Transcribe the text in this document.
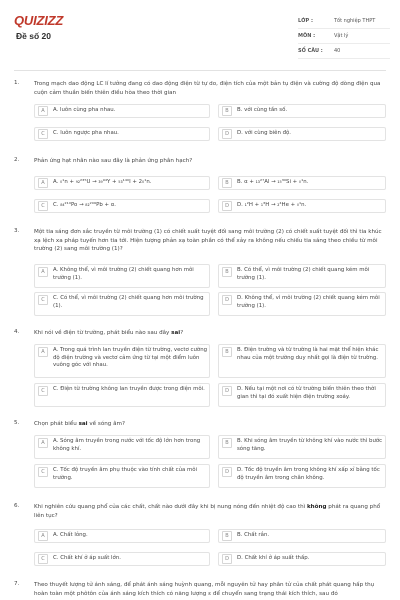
QUIZIZZ
Đề số 20
LỚP :	Tốt nghiệp THPT
MÔN :	Vật lý
SỐ CÂU :	40
1.	Trong mạch dao động LC lí tưởng đang có dao động điện từ tự do, điện tích của một bản tụ điện và cường độ dòng điện qua cuộn cảm thuần biến thiên điều hòa theo thời gian
A	A. luôn cùng pha nhau.	B	B. với cùng tần số.
C	C. luôn ngược pha nhau.	D	D. với cùng biên độ.
2.	Phản ứng hạt nhân nào sau đây là phản ứng phân hạch?
A	A. ₀¹n + ₉₂²³⁵U → ₃₉⁹⁴Y + ₅₃¹⁴⁰I + 2₀¹n.	B	B. α + ₁₃²⁷Al → ₁₅³⁰Si + ₀¹n.
C	C. ₈₄²¹⁰Po → ₈₂²⁰⁶Pb + α.	D	D. ₁²H + ₁³H → ₂⁴He + ₀¹n.
3.	Một tia sáng đơn sắc truyền từ môi trường (1) có chiết suất tuyệt đối sang môi trường (2) có chiết suất tuyệt đối thì tia khúc xạ lệch xa pháp tuyến hơn tia tới. Hiện tượng phản xạ toàn phần có thể xảy ra không nếu chiếu tia sáng theo chiều từ môi trường (2) sang môi trường (1)?
A	A. Không thể, vì môi trường (2) chiết quang hơn môi trường (1).
B	B. Có thể, vì môi trường (2) chiết quang kém môi trường (1).
C	C. Có thể, vì môi trường (2) chiết quang hơn môi trường (1).
D	D. Không thể, vì môi trường (2) chiết quang kém môi trường (1).
4.	Khi nói về điện từ trường, phát biểu nào sau đây sai?
A	A. Trong quá trình lan truyền điện từ trường, vectơ cường độ điện trường và vectơ cảm ứng từ tại một điểm luôn vuông góc với nhau.
B	B. Điện trường và từ trường là hai mặt thể hiện khác nhau của một trường duy nhất gọi là điện từ trường.
C	C. Điện từ trường không lan truyền được trong điện môi.	D	D. Nếu tại một nơi có từ trường biến thiên theo thời gian thì tại đó xuất hiện điện trường xoáy.
5.	Chọn phát biểu sai về sóng âm?
A	A. Sóng âm truyền trong nước với tốc độ lớn hơn trong không khí.
B	B. Khi sóng âm truyền từ không khí vào nước thì bước sóng tăng.
C	C. Tốc độ truyền âm phụ thuộc vào tính chất của môi trường.
D	D. Tốc độ truyền âm trong không khí xấp xỉ bằng tốc độ truyền âm trong chân không.
6.	Khi nghiên cứu quang phổ của các chất, chất nào dưới đây khi bị nung nóng đến nhiệt độ cao thì không phát ra quang phổ liên tục?
A	A. Chất lỏng.	B	B. Chất rắn.
C	C. Chất khí ở áp suất lớn.	D	D. Chất khí ở áp suất thấp.
7.	Theo thuyết lượng tử ánh sáng, để phát ánh sáng huỳnh quang, mỗi nguyên tử hay phân tử của chất phát quang hấp thụ hoàn toàn một phôtôn của ánh sáng kích thích có năng lượng ε để chuyển sang trạng thái kích thích, sau đó
